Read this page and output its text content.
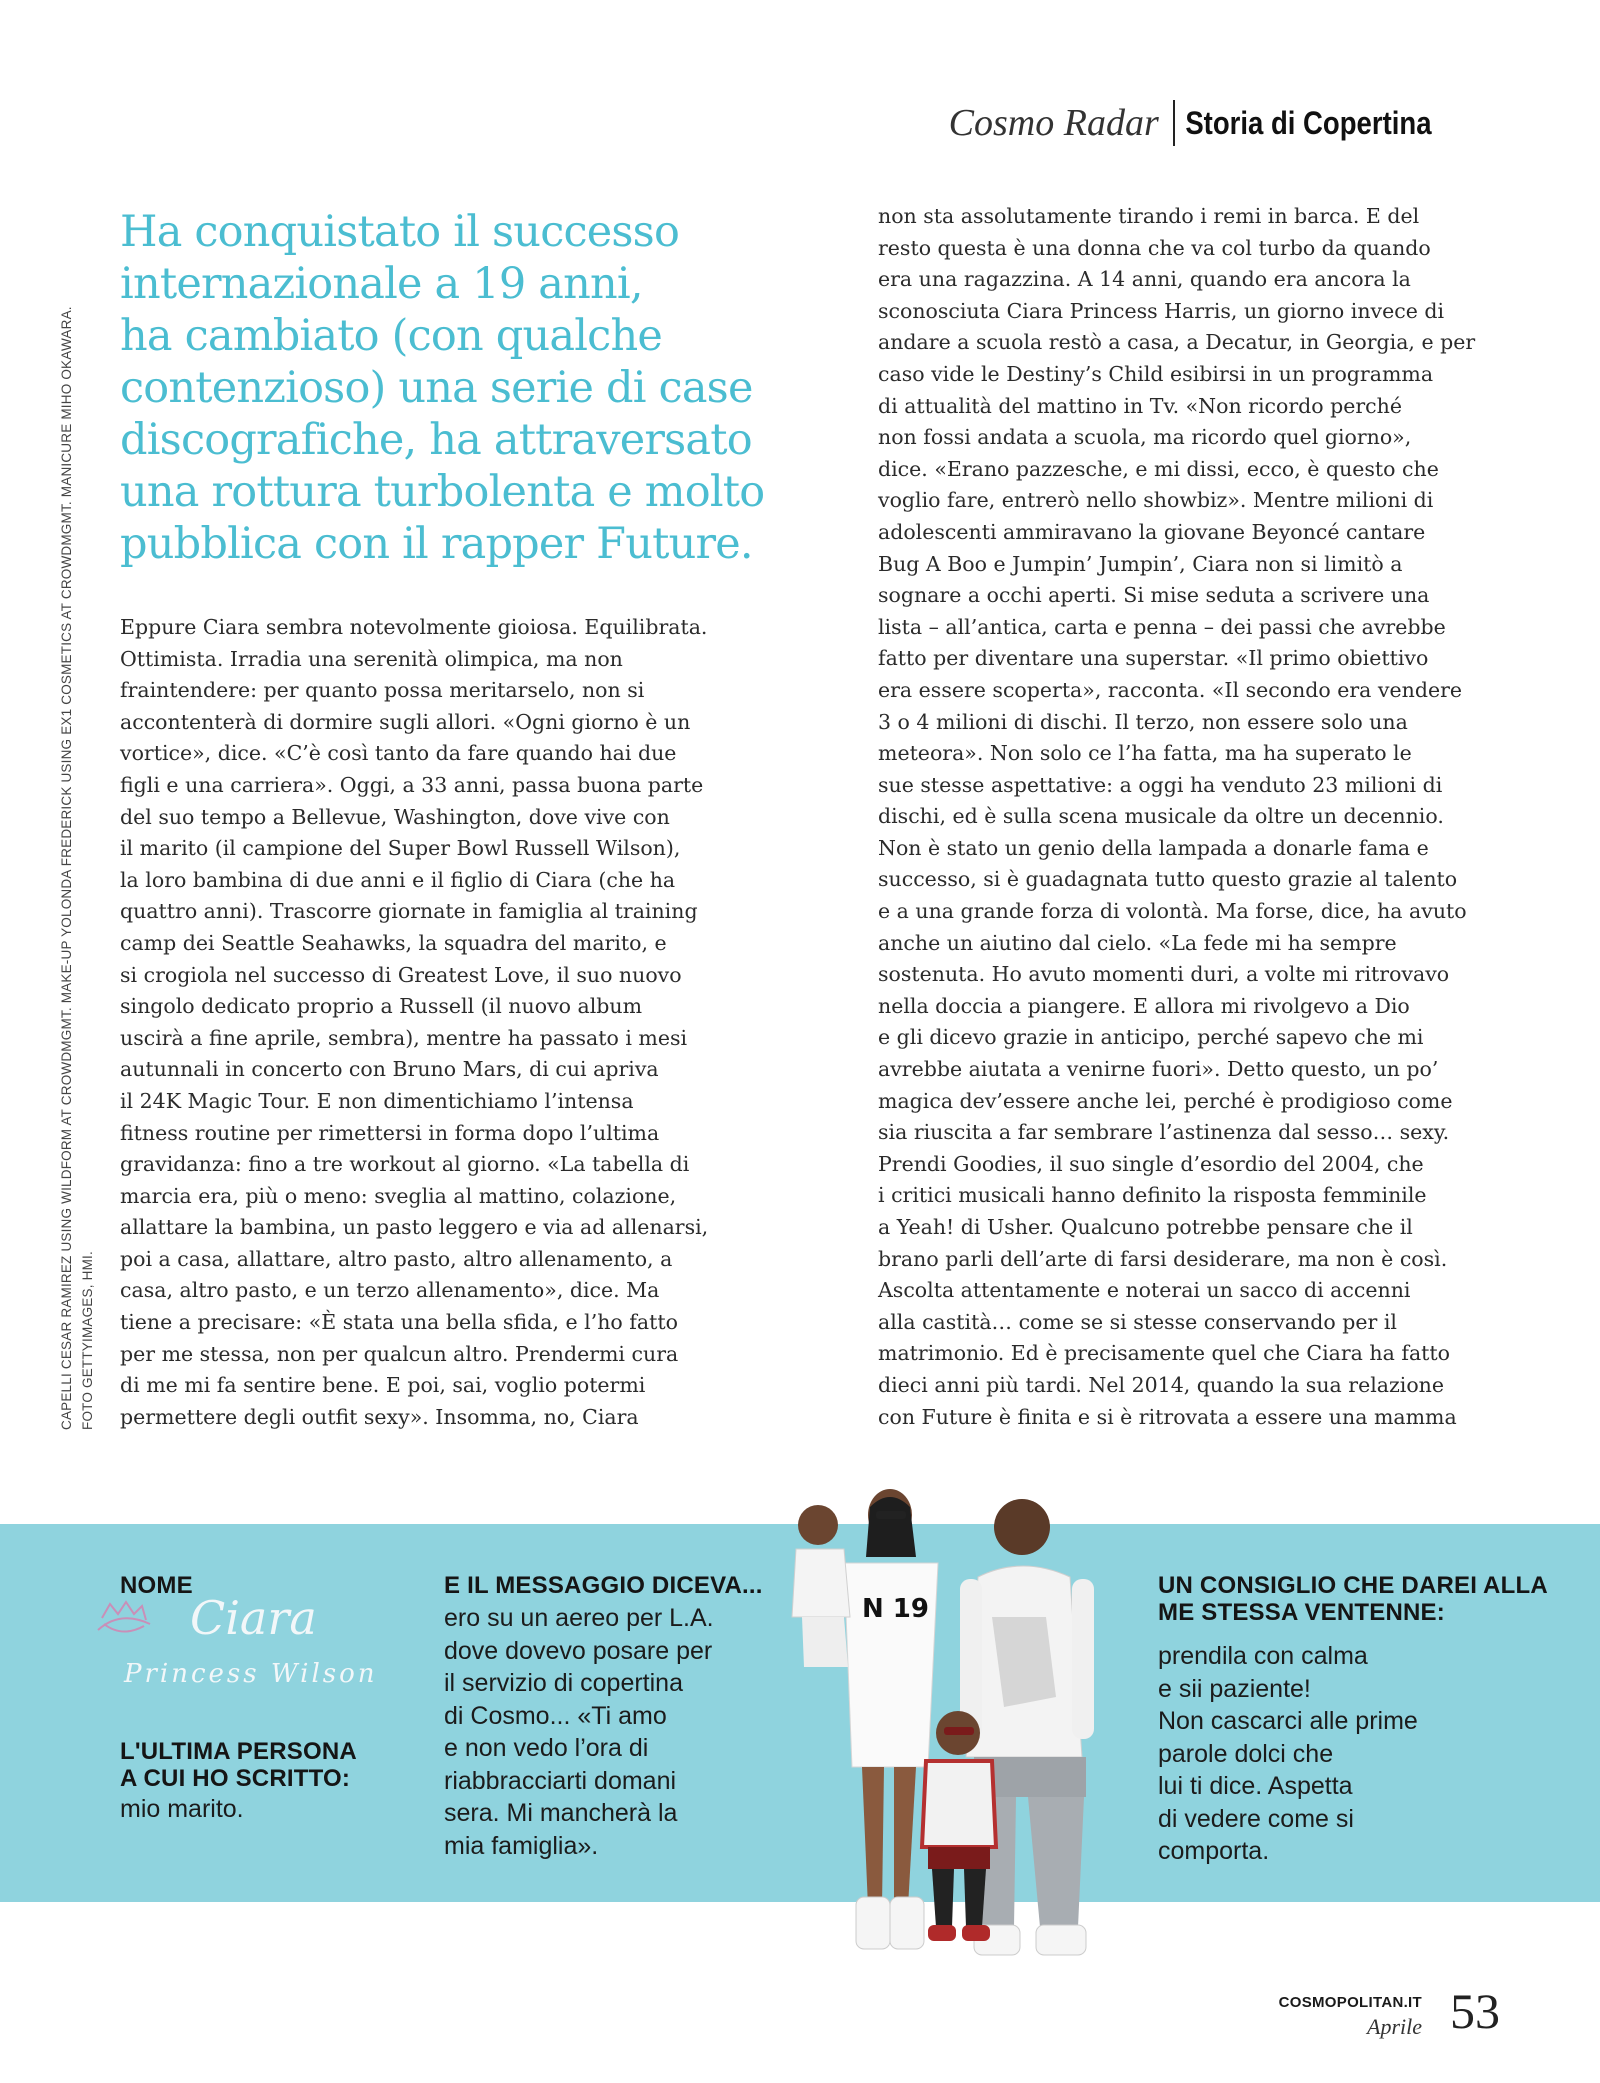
Cosmo Radar Storia di Copertina
CAPELLI CESAR RAMIREZ USING WILDFORM AT CROWDMGMT. MAKE-UP YOLONDA FREDERICK USING EX1 COSMETICS AT CROWDMGMT. MANICURE MIHO OKAWARA. FOTO GETTYIMAGES, HMI.
Ha conquistato il successo
internazionale a 19 anni,
ha cambiato (con qualche
contenzioso) una serie di case
discografiche, ha attraversato
una rottura turbolenta e molto
pubblica con il rapper Future.
Eppure Ciara sembra notevolmente gioiosa. Equilibrata.
Ottimista. Irradia una serenità olimpica, ma non
fraintendere: per quanto possa meritarselo, non si
accontenterà di dormire sugli allori. «Ogni giorno è un
vortice», dice. «C’è così tanto da fare quando hai due
figli e una carriera». Oggi, a 33 anni, passa buona parte
del suo tempo a Bellevue, Washington, dove vive con
il marito (il campione del Super Bowl Russell Wilson),
la loro bambina di due anni e il figlio di Ciara (che ha
quattro anni). Trascorre giornate in famiglia al training
camp dei Seattle Seahawks, la squadra del marito, e
si crogiola nel successo di Greatest Love, il suo nuovo
singolo dedicato proprio a Russell (il nuovo album
uscirà a fine aprile, sembra), mentre ha passato i mesi
autunnali in concerto con Bruno Mars, di cui apriva
il 24K Magic Tour. E non dimentichiamo l’intensa
fitness routine per rimettersi in forma dopo l’ultima
gravidanza: fino a tre workout al giorno. «La tabella di
marcia era, più o meno: sveglia al mattino, colazione,
allattare la bambina, un pasto leggero e via ad allenarsi,
poi a casa, allattare, altro pasto, altro allenamento, a
casa, altro pasto, e un terzo allenamento», dice. Ma
tiene a precisare: «È stata una bella sfida, e l’ho fatto
per me stessa, non per qualcun altro. Prendermi cura
di me mi fa sentire bene. E poi, sai, voglio potermi
permettere degli outfit sexy». Insomma, no, Ciara
non sta assolutamente tirando i remi in barca. E del
resto questa è una donna che va col turbo da quando
era una ragazzina. A 14 anni, quando era ancora la
sconosciuta Ciara Princess Harris, un giorno invece di
andare a scuola restò a casa, a Decatur, in Georgia, e per
caso vide le Destiny’s Child esibirsi in un programma
di attualità del mattino in Tv. «Non ricordo perché
non fossi andata a scuola, ma ricordo quel giorno»,
dice. «Erano pazzesche, e mi dissi, ecco, è questo che
voglio fare, entrerò nello showbiz». Mentre milioni di
adolescenti ammiravano la giovane Beyoncé cantare
Bug A Boo e Jumpin’ Jumpin’, Ciara non si limitò a
sognare a occhi aperti. Si mise seduta a scrivere una
lista – all’antica, carta e penna – dei passi che avrebbe
fatto per diventare una superstar. «Il primo obiettivo
era essere scoperta», racconta. «Il secondo era vendere
3 o 4 milioni di dischi. Il terzo, non essere solo una
meteora». Non solo ce l’ha fatta, ma ha superato le
sue stesse aspettative: a oggi ha venduto 23 milioni di
dischi, ed è sulla scena musicale da oltre un decennio.
Non è stato un genio della lampada a donarle fama e
successo, si è guadagnata tutto questo grazie al talento
e a una grande forza di volontà. Ma forse, dice, ha avuto
anche un aiutino dal cielo. «La fede mi ha sempre
sostenuta. Ho avuto momenti duri, a volte mi ritrovavo
nella doccia a piangere. E allora mi rivolgevo a Dio
e gli dicevo grazie in anticipo, perché sapevo che mi
avrebbe aiutata a venirne fuori». Detto questo, un po’
magica dev’essere anche lei, perché è prodigioso come
sia riuscita a far sembrare l’astinenza dal sesso… sexy.
Prendi Goodies, il suo single d’esordio del 2004, che
i critici musicali hanno definito la risposta femminile
a Yeah! di Usher. Qualcuno potrebbe pensare che il
brano parli dell’arte di farsi desiderare, ma non è così.
Ascolta attentamente e noterai un sacco di accenni
alla castità… come se si stesse conservando per il
matrimonio. Ed è precisamente quel che Ciara ha fatto
dieci anni più tardi. Nel 2014, quando la sua relazione
con Future è finita e si è ritrovata a essere una mamma
NOME
Ciara
Princess Wilson
L'ULTIMA PERSONA
A CUI HO SCRITTO:
mio marito.
E IL MESSAGGIO DICEVA...
ero su un aereo per L.A.
dove dovevo posare per
il servizio di copertina
di Cosmo... «Ti amo
e non vedo l’ora di
riabbracciarti domani
sera. Mi mancherà la
mia famiglia».
UN CONSIGLIO CHE DAREI ALLA
ME STESSA VENTENNE:
prendila con calma
e sii paziente!
Non cascarci alle prime
parole dolci che
lui ti dice. Aspetta
di vedere come si
comporta.
N 19
COSMOPOLITAN.IT
Aprile 53
